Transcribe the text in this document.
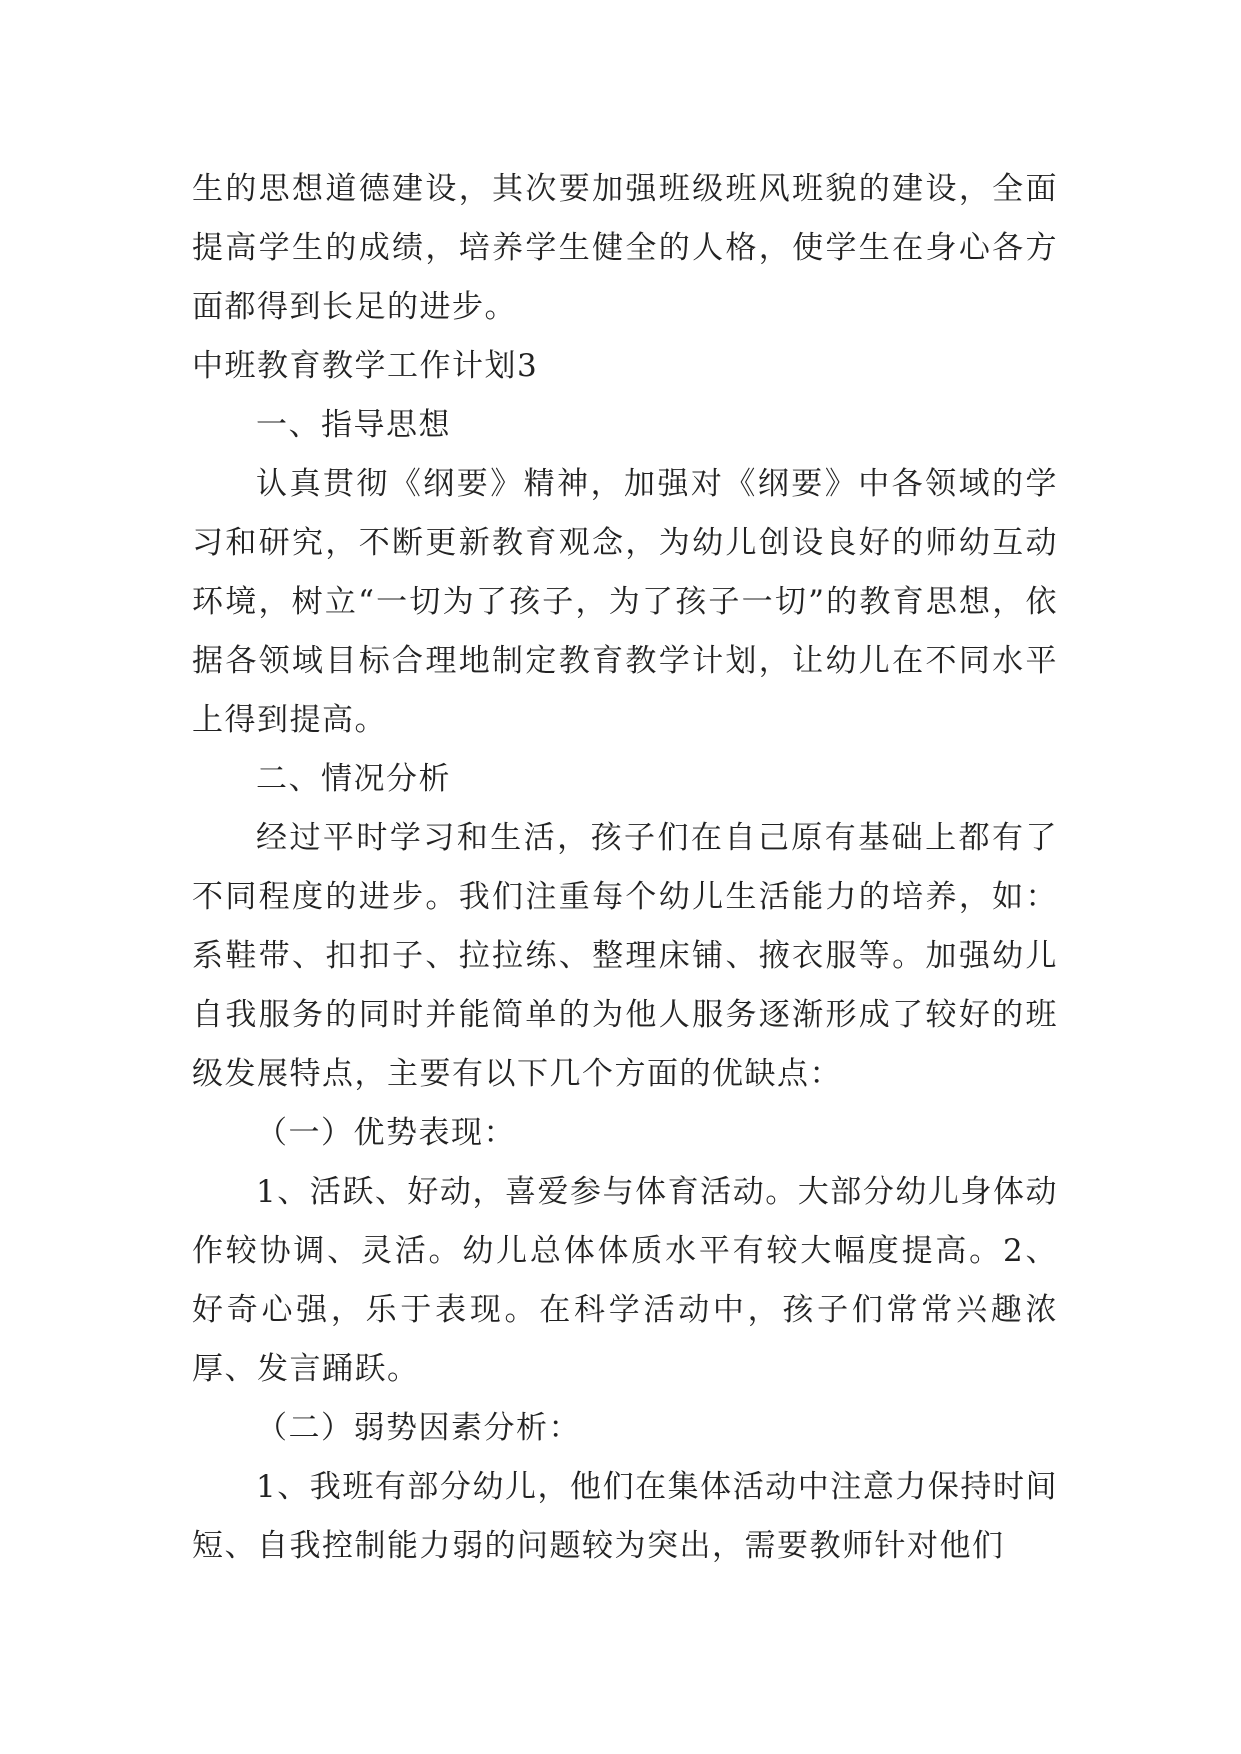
生的思想道德建设，其次要加强班级班风班貌的建设，全面提高学生的成绩，培养学生健全的人格，使学生在身心各方面都得到长足的进步。

中班教育教学工作计划3

一、指导思想

认真贯彻《纲要》精神，加强对《纲要》中各领域的学习和研究，不断更新教育观念，为幼儿创设良好的师幼互动环境，树立“一切为了孩子，为了孩子一切”的教育思想，依据各领域目标合理地制定教育教学计划，让幼儿在不同水平上得到提高。

二、情况分析

经过平时学习和生活，孩子们在自己原有基础上都有了不同程度的进步。我们注重每个幼儿生活能力的培养，如：系鞋带、扣扣子、拉拉练、整理床铺、掖衣服等。加强幼儿自我服务的同时并能简单的为他人服务逐渐形成了较好的班级发展特点，主要有以下几个方面的优缺点：

（一）优势表现：

1、活跃、好动，喜爱参与体育活动。大部分幼儿身体动作较协调、灵活。幼儿总体体质水平有较大幅度提高。2、好奇心强，乐于表现。在科学活动中，孩子们常常兴趣浓厚、发言踊跃。

（二）弱势因素分析：

1、我班有部分幼儿，他们在集体活动中注意力保持时间短、自我控制能力弱的问题较为突出，需要教师针对他们
